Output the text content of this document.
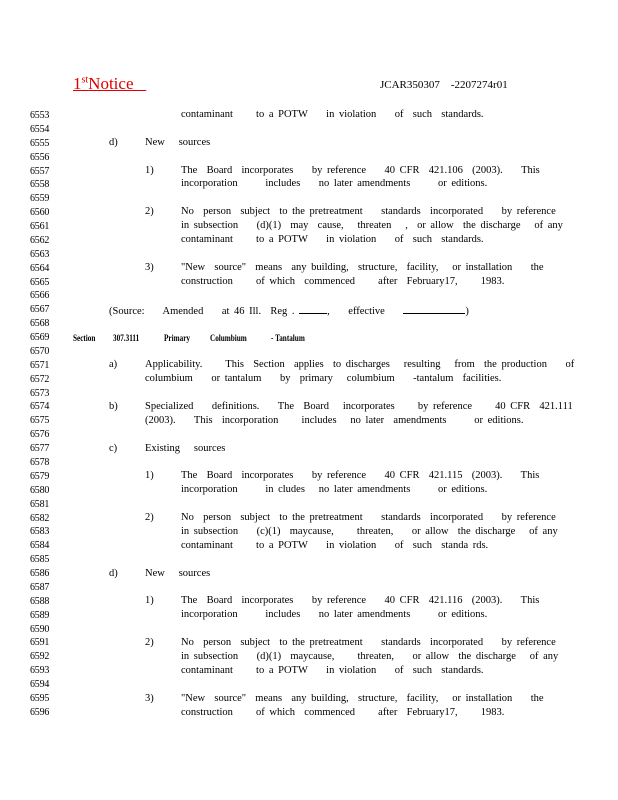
1stNotice	JCAR350307    -2207274r01
6553
6554
6555
6556
6557
6558
6559
6560
6561
6562
6563
6564
6565
6566
6567
6568
6569
6570
6571
6572
6573
6574
6575
6576
6577
6578
6579
6580
6581
6582
6583
6584
6585
6586
6587
6588
6589
6590
6591
6592
6593
6594
6595
6596
contaminant     to a POTW    in violation    of  such  standards.
d)	New   sources
1)	The  Board  incorporates    by reference    40 CFR  421.106  (2003).    This
incorporation      includes    no later amendments      or editions.
2)	No  person  subject  to the pretreatment    standards  incorporated    by reference
in subsection    (d)(1)  may  cause,   threaten   ,  or allow  the discharge   of any
contaminant     to a POTW    in violation    of  such  standards.
3)	"New  source"  means  any building,  structure,  facility,   or installation    the
construction     of which  commenced     after  February17,     1983.
(Source: Amended    at 46 Ill.  Reg .	,    effective	)
Section 307.3111	Primary Columbium	- Tantalum
a)	Applicability.     This  Section  applies  to discharges   resulting   from  the production    of
columbium    or tantalum    by  primary   columbium    -tantalum  facilities.
b)	Specialized    definitions.    The  Board   incorporates     by reference     40 CFR  421.111
(2003).    This  incorporation     includes   no later  amendments      or editions.
c)	Existing   sources
1)	The  Board  incorporates    by reference    40 CFR  421.115  (2003).    This
incorporation      in cludes   no later amendments      or editions.
2)	No  person  subject  to the pretreatment    standards  incorporated    by reference
in subsection    (c)(1)  maycause,     threaten,    or allow  the discharge   of any
contaminant     to a POTW    in violation    of  such  standa rds.
d)	New   sources
1)	The  Board  incorporates    by reference    40 CFR  421.116  (2003).    This
incorporation      includes    no later amendments      or editions.
2)	No  person  subject  to the pretreatment    standards  incorporated    by reference
in subsection    (d)(1)  maycause,     threaten,    or allow  the discharge   of any
contaminant     to a POTW    in violation    of  such  standards.
3)	"New  source"  means  any building,  structure,  facility,   or installation    the
construction     of which  commenced     after  February17,     1983.
